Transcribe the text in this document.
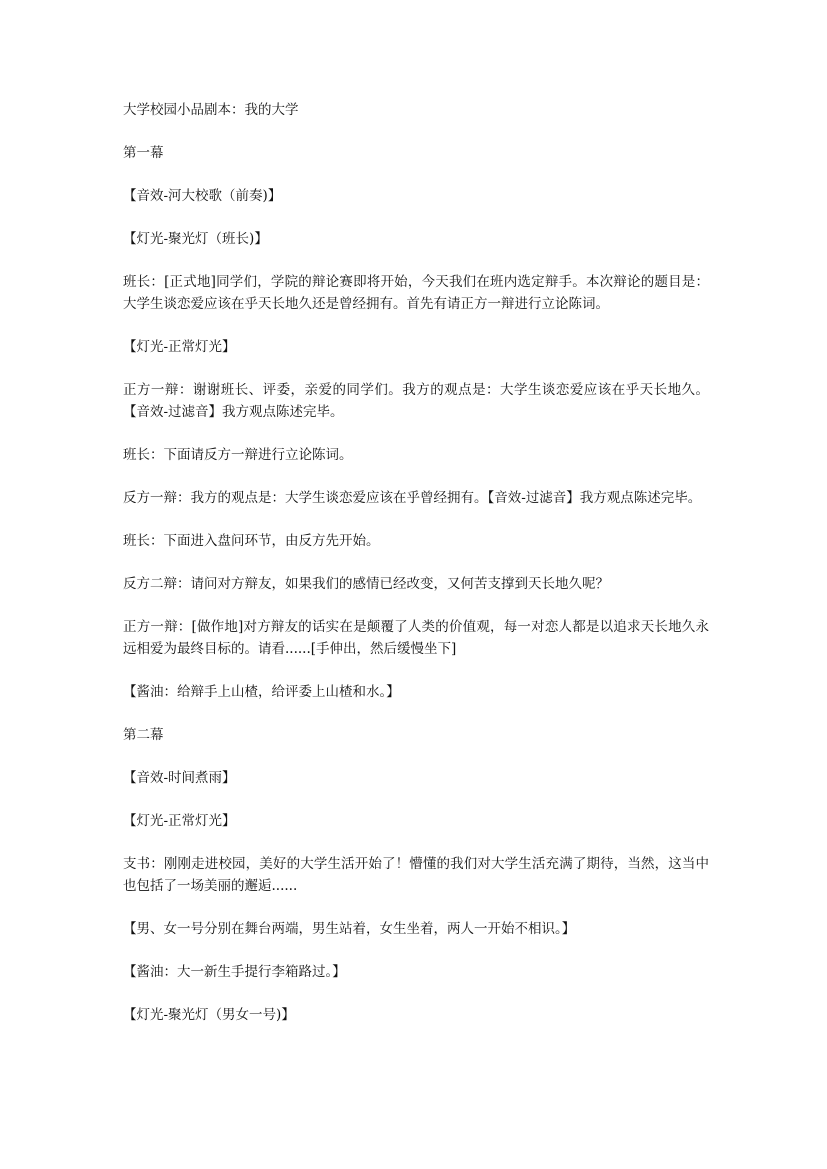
大学校园小品剧本：我的大学

第一幕

【音效-河大校歌（前奏)】

【灯光-聚光灯（班长)】

班长：[正式地]同学们，学院的辩论赛即将开始，今天我们在班内选定辩手。本次辩论的题目是：大学生谈恋爱应该在乎天长地久还是曾经拥有。首先有请正方一辩进行立论陈词。

【灯光-正常灯光】

正方一辩：谢谢班长、评委，亲爱的同学们。我方的观点是：大学生谈恋爱应该在乎天长地久。【音效-过滤音】我方观点陈述完毕。

班长：下面请反方一辩进行立论陈词。

反方一辩：我方的观点是：大学生谈恋爱应该在乎曾经拥有。【音效-过滤音】我方观点陈述完毕。

班长：下面进入盘问环节，由反方先开始。

反方二辩：请问对方辩友，如果我们的感情已经改变，又何苦支撑到天长地久呢？

正方一辩：[做作地]对方辩友的话实在是颠覆了人类的价值观，每一对恋人都是以追求天长地久永远相爱为最终目标的。请看......[手伸出，然后缓慢坐下]

【酱油：给辩手上山楂，给评委上山楂和水。】

第二幕

【音效-时间煮雨】

【灯光-正常灯光】

支书：刚刚走进校园，美好的大学生活开始了！懵懂的我们对大学生活充满了期待，当然，这当中也包括了一场美丽的邂逅......

【男、女一号分别在舞台两端，男生站着，女生坐着，两人一开始不相识。】

【酱油：大一新生手提行李箱路过。】

【灯光-聚光灯（男女一号)】
